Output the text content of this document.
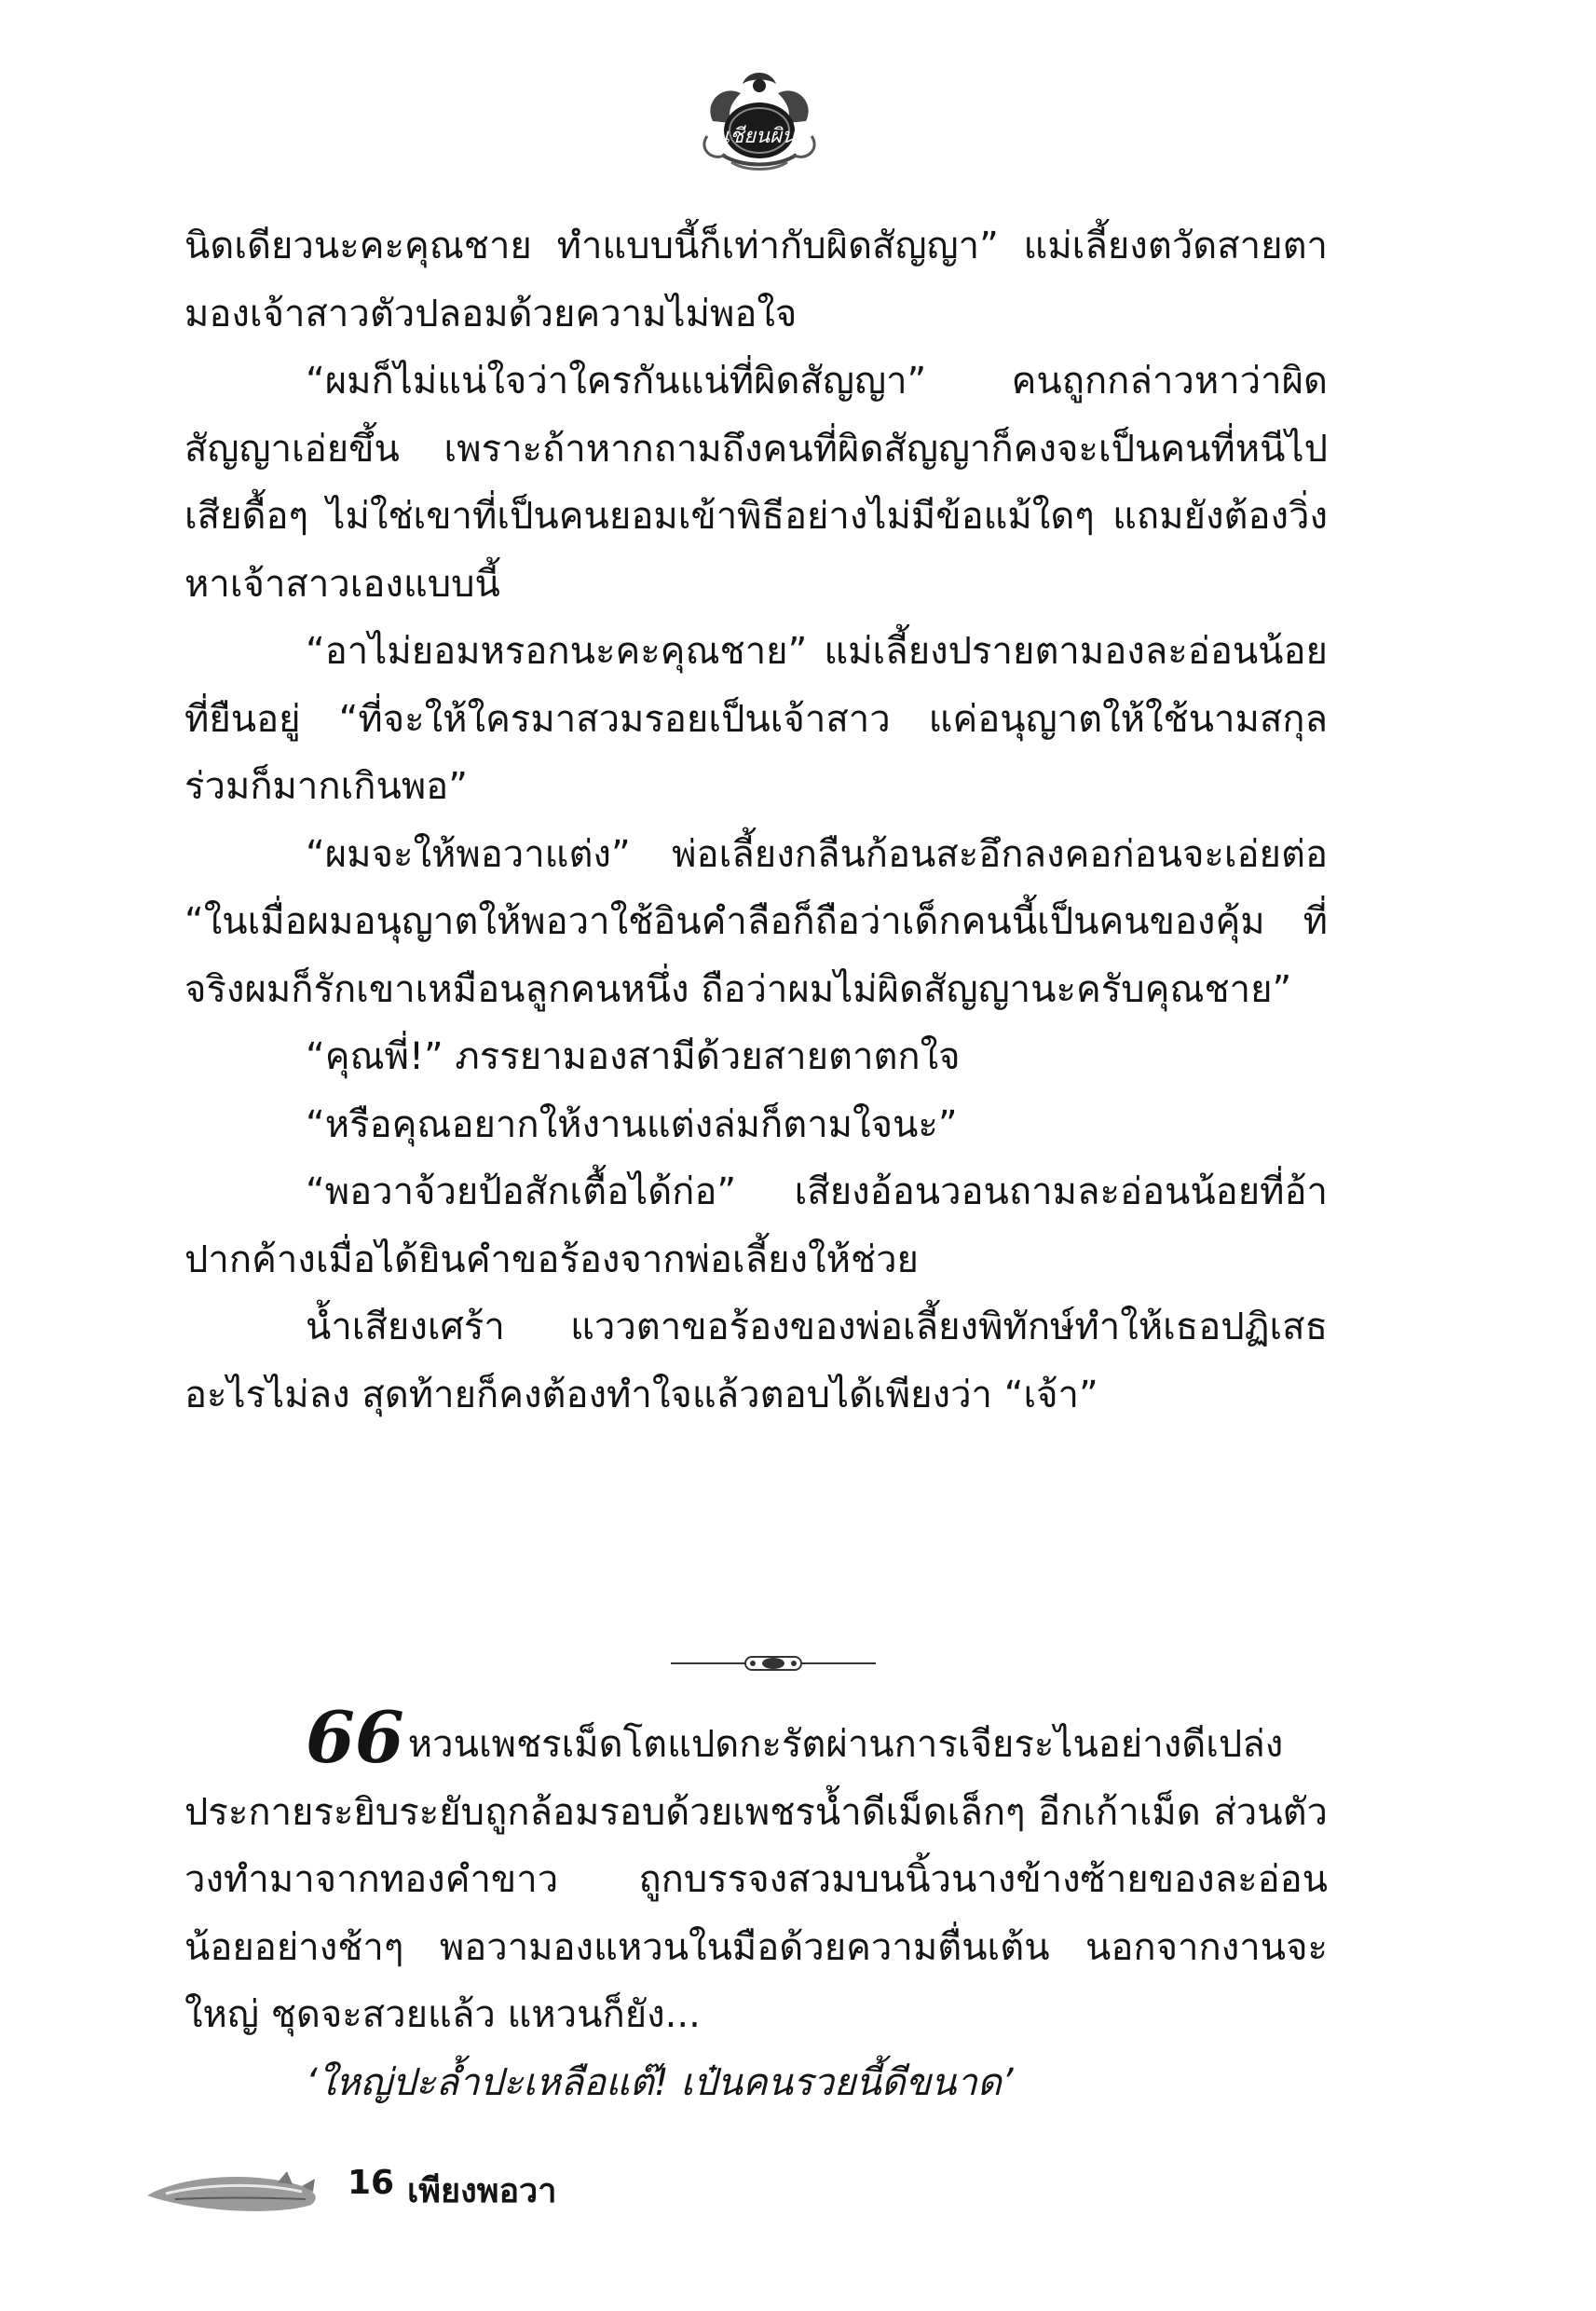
เชียนผิน

นิดเดียวนะคะคุณชาย ทำแบบนี้ก็เท่ากับผิดสัญญา” แม่เลี้ยงตวัดสายตามองเจ้าสาวตัวปลอมด้วยความไม่พอใจ

“ผมก็ไม่แน่ใจว่าใครกันแน่ที่ผิดสัญญา” คนถูกกล่าวหาว่าผิดสัญญาเอ่ยขึ้น เพราะถ้าหากถามถึงคนที่ผิดสัญญาก็คงจะเป็นคนที่หนีไปเสียดื้อๆ ไม่ใช่เขาที่เป็นคนยอมเข้าพิธีอย่างไม่มีข้อแม้ใดๆ แถมยังต้องวิ่งหาเจ้าสาวเองแบบนี้

“อาไม่ยอมหรอกนะคะคุณชาย” แม่เลี้ยงปรายตามองละอ่อนน้อยที่ยืนอยู่ “ที่จะให้ใครมาสวมรอยเป็นเจ้าสาว แค่อนุญาตให้ใช้นามสกุลร่วมก็มากเกินพอ”

“ผมจะให้พอวาแต่ง” พ่อเลี้ยงกลืนก้อนสะอึกลงคอก่อนจะเอ่ยต่อ “ในเมื่อผมอนุญาตให้พอวาใช้อินคำลือก็ถือว่าเด็กคนนี้เป็นคนของคุ้ม ที่จริงผมก็รักเขาเหมือนลูกคนหนึ่ง ถือว่าผมไม่ผิดสัญญานะครับคุณชาย”

“คุณพี่!” ภรรยามองสามีด้วยสายตาตกใจ

“หรือคุณอยากให้งานแต่งล่มก็ตามใจนะ”

“พอวาจ้วยป้อสักเตื้อได้ก่อ” เสียงอ้อนวอนถามละอ่อนน้อยที่อ้าปากค้างเมื่อได้ยินคำขอร้องจากพ่อเลี้ยงให้ช่วย

น้ำเสียงเศร้า แววตาขอร้องของพ่อเลี้ยงพิทักษ์ทำให้เธอปฏิเสธอะไรไม่ลง สุดท้ายก็คงต้องทำใจแล้วตอบได้เพียงว่า “เจ้า”

66 หวนเพชรเม็ดโตแปดกะรัตผ่านการเจียระไนอย่างดีเปล่งประกายระยิบระยับถูกล้อมรอบด้วยเพชรน้ำดีเม็ดเล็กๆ อีกเก้าเม็ด ส่วนตัววงทำมาจากทองคำขาว ถูกบรรจงสวมบนนิ้วนางข้างซ้ายของละอ่อนน้อยอย่างช้าๆ พอวามองแหวนในมือด้วยความตื่นเต้น นอกจากงานจะใหญ่ ชุดจะสวยแล้ว แหวนก็ยัง...

‘ใหญ่ปะล้ำปะเหลือแต๊! เป๋นคนรวยนี้ดีขนาด’

16 เพียงพอวา
